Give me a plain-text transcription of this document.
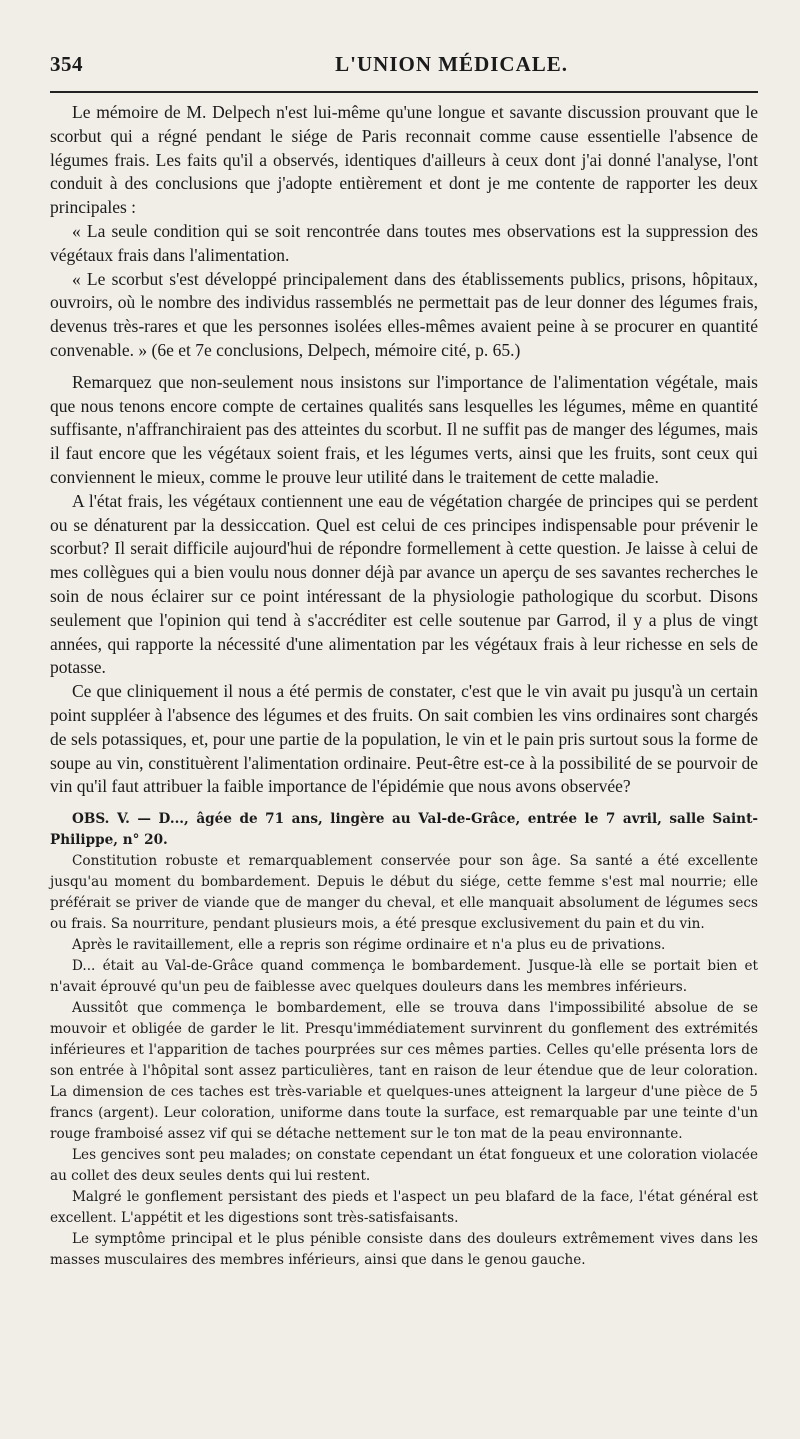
354	L'UNION MÉDICALE.

Le mémoire de M. Delpech n'est lui-même qu'une longue et savante discussion prouvant que le scorbut qui a régné pendant le siége de Paris reconnait comme cause essentielle l'absence de légumes frais. Les faits qu'il a observés, identiques d'ailleurs à ceux dont j'ai donné l'analyse, l'ont conduit à des conclusions que j'adopte entièrement et dont je me contente de rapporter les deux principales :

« La seule condition qui se soit rencontrée dans toutes mes observations est la suppression des végétaux frais dans l'alimentation.

« Le scorbut s'est développé principalement dans des établissements publics, prisons, hôpitaux, ouvroirs, où le nombre des individus rassemblés ne permettait pas de leur donner des légumes frais, devenus très-rares et que les personnes isolées elles-mêmes avaient peine à se procurer en quantité convenable. » (6e et 7e conclusions, Delpech, mémoire cité, p. 65.)

Remarquez que non-seulement nous insistons sur l'importance de l'alimentation végétale, mais que nous tenons encore compte de certaines qualités sans lesquelles les légumes, même en quantité suffisante, n'affranchiraient pas des atteintes du scorbut. Il ne suffit pas de manger des légumes, mais il faut encore que les végétaux soient frais, et les légumes verts, ainsi que les fruits, sont ceux qui conviennent le mieux, comme le prouve leur utilité dans le traitement de cette maladie.

A l'état frais, les végétaux contiennent une eau de végétation chargée de principes qui se perdent ou se dénaturent par la dessiccation. Quel est celui de ces principes indispensable pour prévenir le scorbut? Il serait difficile aujourd'hui de répondre formellement à cette question. Je laisse à celui de mes collègues qui a bien voulu nous donner déjà par avance un aperçu de ses savantes recherches le soin de nous éclairer sur ce point intéressant de la physiologie pathologique du scorbut. Disons seulement que l'opinion qui tend à s'accréditer est celle soutenue par Garrod, il y a plus de vingt années, qui rapporte la nécessité d'une alimentation par les végétaux frais à leur richesse en sels de potasse.

Ce que cliniquement il nous a été permis de constater, c'est que le vin avait pu jusqu'à un certain point suppléer à l'absence des légumes et des fruits. On sait combien les vins ordinaires sont chargés de sels potassiques, et, pour une partie de la population, le vin et le pain pris surtout sous la forme de soupe au vin, constituèrent l'alimentation ordinaire. Peut-être est-ce à la possibilité de se pourvoir de vin qu'il faut attribuer la faible importance de l'épidémie que nous avons observée?

OBS. V. — D..., âgée de 71 ans, lingère au Val-de-Grâce, entrée le 7 avril, salle Saint-Philippe, n° 20.

Constitution robuste et remarquablement conservée pour son âge. Sa santé a été excellente jusqu'au moment du bombardement. Depuis le début du siége, cette femme s'est mal nourrie; elle préférait se priver de viande que de manger du cheval, et elle manquait absolument de légumes secs ou frais. Sa nourriture, pendant plusieurs mois, a été presque exclusivement du pain et du vin.

Après le ravitaillement, elle a repris son régime ordinaire et n'a plus eu de privations.

D... était au Val-de-Grâce quand commença le bombardement. Jusque-là elle se portait bien et n'avait éprouvé qu'un peu de faiblesse avec quelques douleurs dans les membres inférieurs.

Aussitôt que commença le bombardement, elle se trouva dans l'impossibilité absolue de se mouvoir et obligée de garder le lit. Presqu'immédiatement survinrent du gonflement des extrémités inférieures et l'apparition de taches pourprées sur ces mêmes parties. Celles qu'elle présenta lors de son entrée à l'hôpital sont assez particulières, tant en raison de leur étendue que de leur coloration. La dimension de ces taches est très-variable et quelques-unes atteignent la largeur d'une pièce de 5 francs (argent). Leur coloration, uniforme dans toute la surface, est remarquable par une teinte d'un rouge framboisé assez vif qui se détache nettement sur le ton mat de la peau environnante.

Les gencives sont peu malades; on constate cependant un état fongueux et une coloration violacée au collet des deux seules dents qui lui restent.

Malgré le gonflement persistant des pieds et l'aspect un peu blafard de la face, l'état général est excellent. L'appétit et les digestions sont très-satisfaisants.

Le symptôme principal et le plus pénible consiste dans des douleurs extrêmement vives dans les masses musculaires des membres inférieurs, ainsi que dans le genou gauche.
